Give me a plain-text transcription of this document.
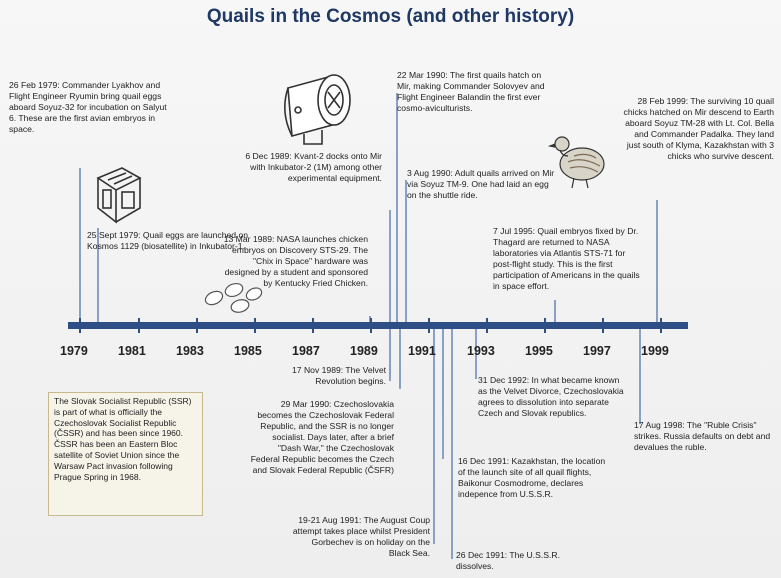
Quails in the Cosmos (and other history)
1979 1981 1983 1985 1987 1989 1991 1993 1995 1997 1999
26 Feb 1979: Commander Lyakhov and Flight Engineer Ryumin bring quail eggs aboard Soyuz-32 for incubation on Salyut 6. These are the first avian embryos in space.
25 Sept 1979: Quail eggs are launched on Kosmos 1129 (biosatellite) in Inkubator-1.
13 Mar 1989: NASA launches chicken embryos on Discovery STS-29. The "Chix in Space" hardware was designed by a student and sponsored by Kentucky Fried Chicken.
6 Dec 1989: Kvant-2 docks onto Mir with Inkubator-2 (1M) among other experimental equipment.
22 Mar 1990: The first quails hatch on Mir, making Commander Solovyev and Flight Engineer Balandin the first ever cosmo-aviculturists.
3 Aug 1990: Adult quails arrived on Mir via Soyuz TM-9. One had laid an egg on the shuttle ride.
7 Jul 1995: Quail embryos fixed by Dr. Thagard are returned to NASA laboratories via Atlantis STS-71 for post-flight study. This is the first participation of Americans in the quails in space effort.
28 Feb 1999: The surviving 10 quail chicks hatched on Mir descend to Earth aboard Soyuz TM-28 with Lt. Col. Bella and Commander Padalka. They land just south of Klyma, Kazakhstan with 3 chicks who survive descent.
17 Nov 1989: The Velvet Revolution begins.
29 Mar 1990: Czechoslovakia becomes the Czechoslovak Federal Republic, and the SSR is no longer socialist. Days later, after a brief "Dash War," the Czechoslovak Federal Republic becomes the Czech and Slovak Federal Republic (ČSFR)
19-21 Aug 1991: The August Coup attempt takes place whilst President Gorbechev is on holiday on the Black Sea.
16 Dec 1991: Kazakhstan, the location of the launch site of all quail flights, Baikonur Cosmodrome, declares indepence from U.S.S.R.
26 Dec 1991: The U.S.S.R. dissolves.
31 Dec 1992: In what became known as the Velvet Divorce, Czechoslovakia agrees to dissolution into separate Czech and Slovak republics.
17 Aug 1998: The "Ruble Crisis" strikes. Russia defaults on debt and devalues the ruble.
The Slovak Socialist Republic (SSR) is part of what is officially the Czechoslovak Socialist Republic (ČSSR) and has been since 1960. ČSSR has been an Eastern Bloc satellite of Soviet Union since the Warsaw Pact invasion following Prague Spring in 1968.
